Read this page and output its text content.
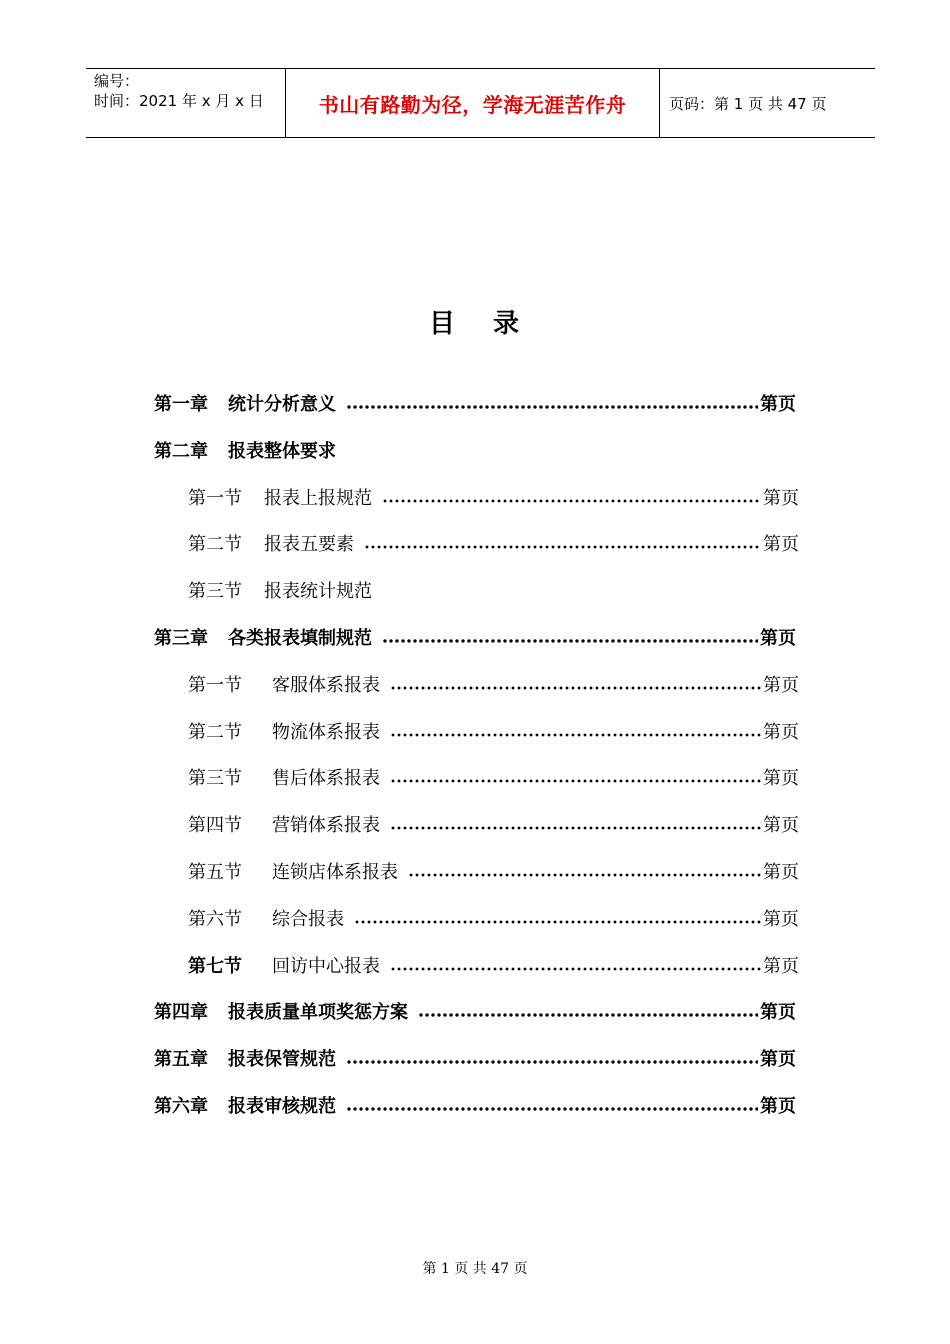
编号：
时间：2021 年 x 月 x 日	书山有路勤为径，学海无涯苦作舟	页码：第 1 页 共 47 页
目 录
第一章 统计分析意义	第页
第二章 报表整体要求
第一节 报表上报规范	第页
第二节 报表五要素	第页
第三节 报表统计规范
第三章 各类报表填制规范	第页
第一节 客服体系报表	第页
第二节 物流体系报表	第页
第三节 售后体系报表	第页
第四节 营销体系报表	第页
第五节 连锁店体系报表	第页
第六节 综合报表	第页
第七节 回访中心报表	第页
第四章 报表质量单项奖惩方案	第页
第五章 报表保管规范	第页
第六章 报表审核规范	第页
第 1 页 共 47 页
